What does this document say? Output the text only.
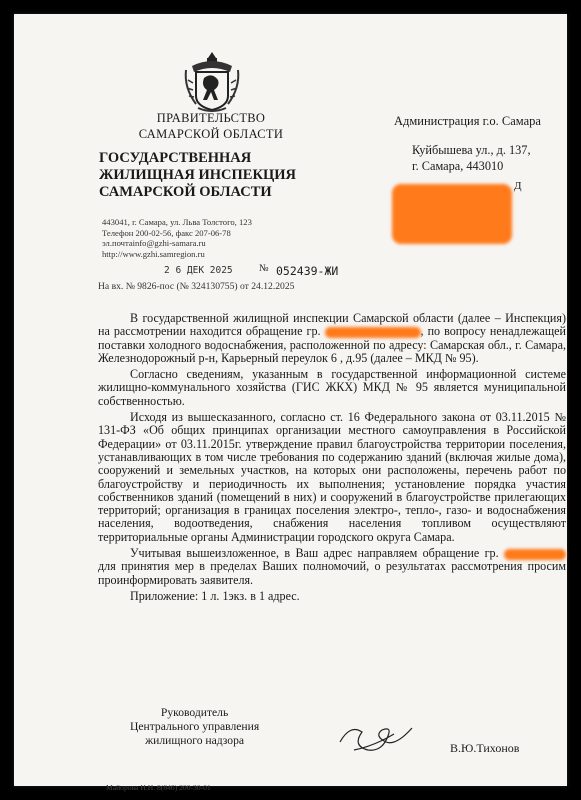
ПРАВИТЕЛЬСТВО
САМАРСКОЙ ОБЛАСТИ
ГОСУДАРСТВЕННАЯ
ЖИЛИЩНАЯ ИНСПЕКЦИЯ
САМАРСКОЙ ОБЛАСТИ
443041, г. Самара, ул. Льва Толстого, 123
Телефон 200-02-56, факс 207-06-78
эл.почтаinfo@gzhi-samara.ru
http://www.gzhi.samregion.ru
2 6 ДЕК 2025	№ 052439-ЖИ
На вх. № 9826-пос (№ 324130755) от 24.12.2025
Администрация г.о. Самара
Куйбышева ул., д. 137,
г. Самара, 443010
Д

В государственной жилищной инспекции Самарской области (далее – Инспекция) на рассмотрении находится обращение гр.	, по вопросу ненадлежащей поставки холодного водоснабжения, расположенной по адресу: Самарская обл., г. Самара, Железнодорожный р-н, Карьерный переулок 6 , д.95 (далее – МКД № 95).

Согласно сведениям, указанным в государственной информационной системе жилищно-коммунального хозяйства (ГИС ЖКХ) МКД № 95 является муниципальной собственностью.

Исходя из вышесказанного, согласно ст. 16 Федерального закона от 03.11.2015 № 131-ФЗ «Об общих принципах организации местного самоуправления в Российской Федерации» от 03.11.2015г. утверждение правил благоустройства территории поселения, устанавливающих в том числе требования по содержанию зданий (включая жилые дома), сооружений и земельных участков, на которых они расположены, перечень работ по благоустройству и периодичность их выполнения; установление порядка участия собственников зданий (помещений в них) и сооружений в благоустройстве прилегающих территорий; организация в границах поселения электро-, тепло-, газо- и водоснабжения населения, водоотведения, снабжения населения топливом осуществляют территориальные органы Администрации городского округа Самара.

Учитывая вышеизложенное, в Ваш адрес направляем обращение гр.  для принятия мер в пределах Ваших полномочий, о результатах рассмотрения просим проинформировать заявителя.

Приложение: 1 л. 1экз. в 1 адрес.

Руководитель
Центрального управления
жилищного надзора
В.Ю.Тихонов
Майорова Н.Н. 8(846) 200-30-01
